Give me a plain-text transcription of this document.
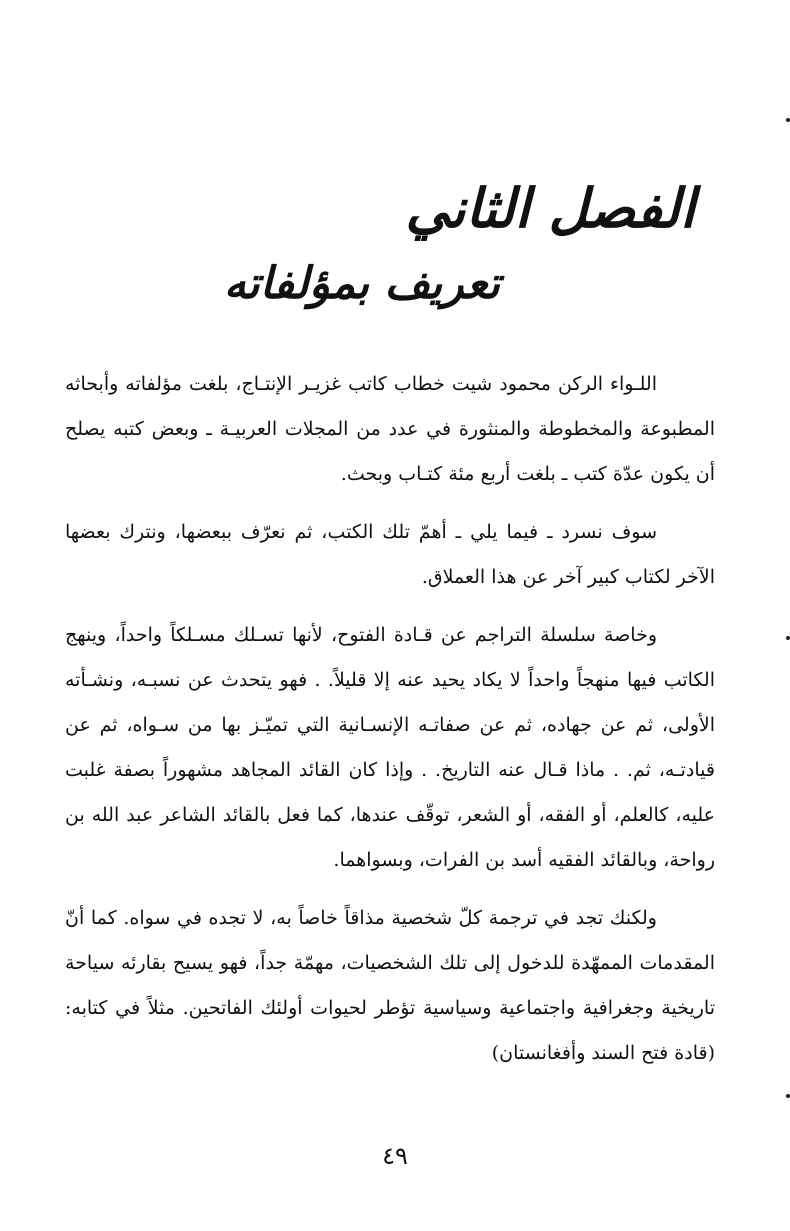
الفصل الثاني
تعريف بمؤلفاته

اللـواء الركن محمود شيت خطاب كاتب غزيـر الإنتـاج، بلغت مؤلفاته وأبحاثه المطبوعة والمخطوطة والمنثورة في عدد من المجلات العربيـة ـ وبعض كتبه يصلح أن يكون عدّة كتب ـ بلغت أربع مئة كتـاب وبحث.

سوف نسرد ـ فيما يلي ـ أهمّ تلك الكتب، ثم نعرّف ببعضها، ونترك بعضها الآخر لكتاب كبير آخر عن هذا العملاق.

وخاصة سلسلة التراجم عن قـادة الفتوح، لأنها تسـلك مسـلكاً واحداً، وينهج الكاتب فيها منهجاً واحداً لا يكاد يحيد عنه إلا قليلاً. . فهو يتحدث عن نسبـه، ونشـأته الأولى، ثم عن جهاده، ثم عن صفاتـه الإنسـانية التي تميّـز بها من سـواه، ثم عن قيادتـه، ثم. . ماذا قـال عنه التاريخ. . وإذا كان القائد المجاهد مشهوراً بصفة غلبت عليه، كالعلم، أو الفقه، أو الشعر، توقّف عندها، كما فعل بالقائد الشاعر عبد الله بن رواحة، وبالقائد الفقيه أسد بن الفرات، وبسواهما.

ولكنك تجد في ترجمة كلّ شخصية مذاقاً خاصاً به، لا تجده في سواه. كما أنّ المقدمات الممهّدة للدخول إلى تلك الشخصيات، مهمّة جداً، فهو يسيح بقارئه سياحة تاريخية وجغرافية واجتماعية وسياسية تؤطر لحيوات أولئك الفاتحين. مثلاً في كتابه: (قادة فتح السند وأفغانستان)

٤٩
